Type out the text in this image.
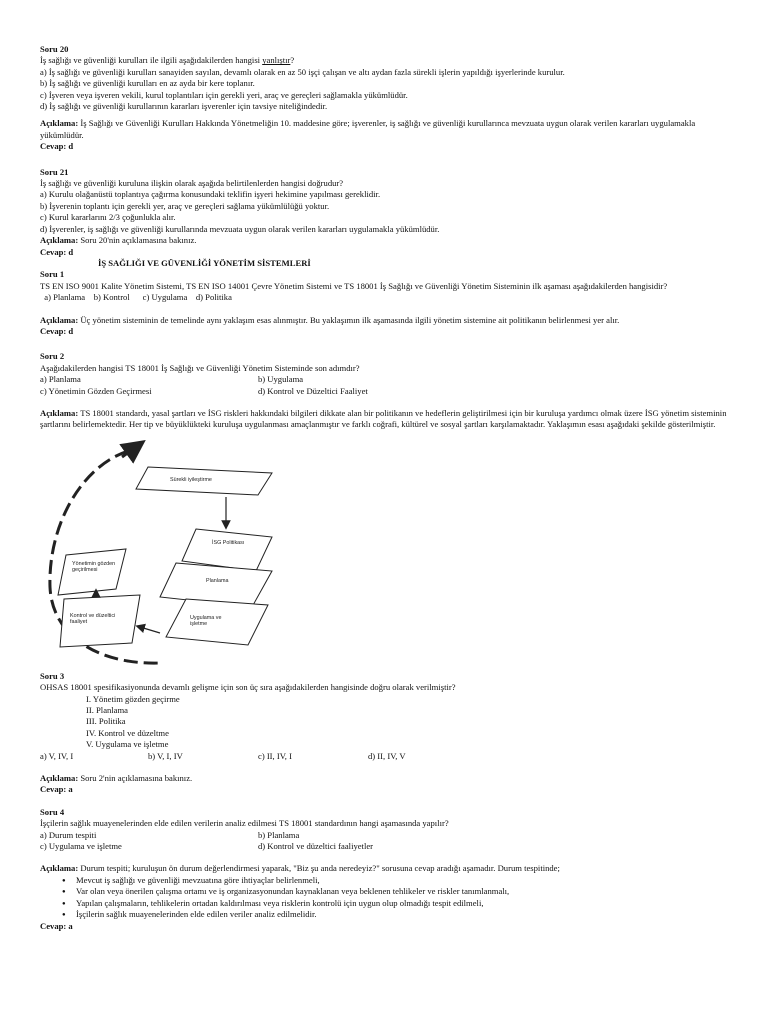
Soru 20
İş sağlığı ve güvenliği kurulları ile ilgili aşağıdakilerden hangisi yanlıştır?
a) İş sağlığı ve güvenliği kurulları sanayiden sayılan, devamlı olarak en az 50 işçi çalışan ve altı aydan fazla sürekli işlerin yapıldığı işyerlerinde kurulur.
b) İş sağlığı ve güvenliği kurulları en az ayda bir kere toplanır.
c) İşveren veya işveren vekili, kurul toplantıları için gerekli yeri, araç ve gereçleri sağlamakla yükümlüdür.
d) İş sağlığı ve güvenliği kurullarının kararları işverenler için tavsiye niteliğindedir.
Açıklama: İş Sağlığı ve Güvenliği Kurulları Hakkında Yönetmeliğin 10. maddesine göre; işverenler, iş sağlığı ve güvenliği kurullarınca mevzuata uygun olarak verilen kararları uygulamakla yükümlüdür.
Cevap: d
Soru 21
İş sağlığı ve güvenliği kuruluna ilişkin olarak aşağıda belirtilenlerden hangisi doğrudur?
a) Kurulu olağanüstü toplantıya çağırma konusundaki teklifin işyeri hekimine yapılması gereklidir.
b) İşverenin toplantı için gerekli yer, araç ve gereçleri sağlama yükümlülüğü yoktur.
c) Kurul kararlarını 2/3 çoğunlukla alır.
d) İşverenler, iş sağlığı ve güvenliği kurullarında mevzuata uygun olarak verilen kararları uygulamakla yükümlüdür.
Açıklama: Soru 20'nin açıklamasına bakınız.
Cevap: d
İŞ SAĞLIĞI VE GÜVENLİĞİ YÖNETİM SİSTEMLERİ
Soru 1
TS EN ISO 9001 Kalite Yönetim Sistemi, TS EN ISO 14001 Çevre Yönetim Sistemi ve TS 18001 İş Sağlığı ve Güvenliği Yönetim Sisteminin ilk aşaması aşağıdakilerden hangisidir?
a) Planlama b) Kontrol c) Uygulama d) Politika
Açıklama: Üç yönetim sisteminin de temelinde aynı yaklaşım esas alınmıştır. Bu yaklaşımın ilk aşamasında ilgili yönetim sistemine ait politikanın belirlenmesi yer alır.
Cevap: d
Soru 2
Aşağıdakilerden hangisi TS 18001 İş Sağlığı ve Güvenliği Yönetim Sisteminde son adımdır?
a) Planlama	b) Uygulama
c) Yönetimin Gözden Geçirmesi	d) Kontrol ve Düzeltici Faaliyet
Açıklama: TS 18001 standardı, yasal şartları ve İSG riskleri hakkındaki bilgileri dikkate alan bir politikanın ve hedeflerin geliştirilmesi için bir kuruluşa yardımcı olmak üzere İSG yönetim sisteminin şartlarını belirlemektedir. Her tip ve büyüklükteki kuruluşa uygulanması amaçlanmıştır ve farklı coğrafi, kültürel ve sosyal şartları karşılamaktadır. Yaklaşımın esası aşağıdaki şekilde gösterilmiştir.
Sürekli iyileştirme
İSG Politikası
Yönetimin gözden geçirilmesi
Planlama
Kontrol ve düzeltici faaliyet
Uygulama ve işletme
Soru 3
OHSAS 18001 spesifikasiyonunda devamlı gelişme için son üç sıra aşağıdakilerden hangisinde doğru olarak verilmiştir?
I. Yönetim gözden geçirme
II. Planlama
III. Politika
IV. Kontrol ve düzeltme
V. Uygulama ve işletme
a) V, IV, I	b) V, I, IV	c) II, IV, I	d) II, IV, V
Açıklama: Soru 2'nin açıklamasına bakınız.
Cevap: a
Soru 4
İşçilerin sağlık muayenelerinden elde edilen verilerin analiz edilmesi TS 18001 standardının hangi aşamasında yapılır?
a) Durum tespiti	b) Planlama
c) Uygulama ve işletme	d) Kontrol ve düzeltici faaliyetler
Açıklama: Durum tespiti; kuruluşun ön durum değerlendirmesi yaparak, "Biz şu anda neredeyiz?" sorusuna cevap aradığı aşamadır. Durum tespitinde;
● Mevcut iş sağlığı ve güvenliği mevzuatına göre ihtiyaçlar belirlenmeli,
● Var olan veya önerilen çalışma ortamı ve iş organizasyonundan kaynaklanan veya beklenen tehlikeler ve riskler tanımlanmalı,
● Yapılan çalışmaların, tehlikelerin ortadan kaldırılması veya risklerin kontrolü için uygun olup olmadığı tespit edilmeli,
● İşçilerin sağlık muayenelerinden elde edilen veriler analiz edilmelidir.
Cevap: a
